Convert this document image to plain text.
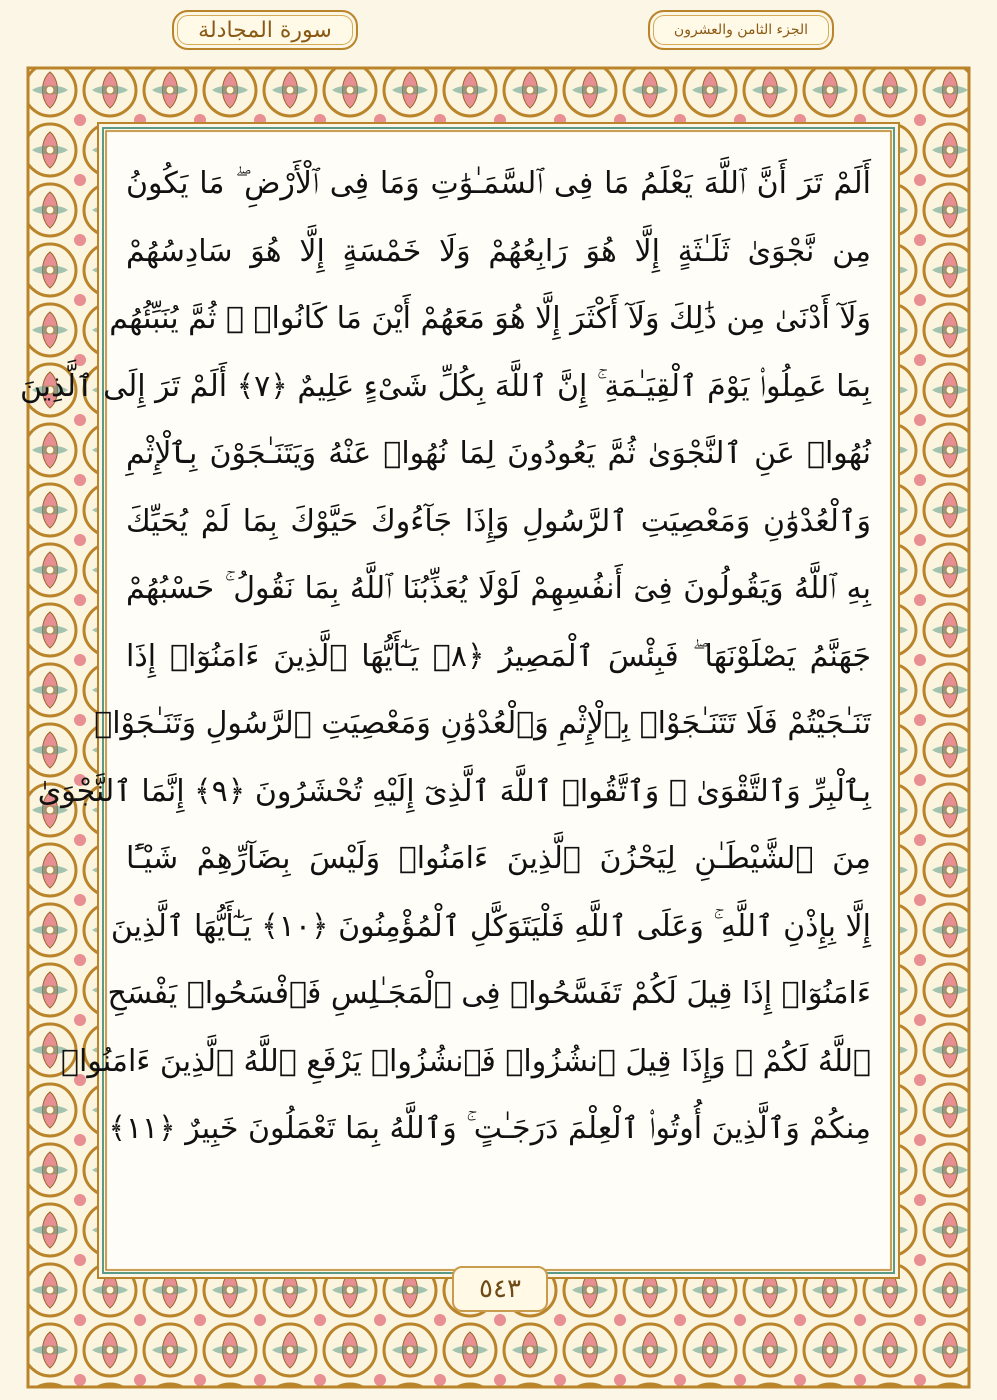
سورة المجادلة	الجزء الثامن والعشرون
أَلَمْ تَرَ أَنَّ ٱللَّهَ يَعْلَمُ مَا فِى ٱلسَّمَـٰوَٰتِ وَمَا فِى ٱلْأَرْضِ ۖ مَا يَكُونُ
مِن نَّجْوَىٰ ثَلَـٰثَةٍ إِلَّا هُوَ رَابِعُهُمْ وَلَا خَمْسَةٍ إِلَّا هُوَ سَادِسُهُمْ
وَلَآ أَدْنَىٰ مِن ذَٰلِكَ وَلَآ أَكْثَرَ إِلَّا هُوَ مَعَهُمْ أَيْنَ مَا كَانُوا۟ ۖ ثُمَّ يُنَبِّئُهُم
بِمَا عَمِلُوا۟ يَوْمَ ٱلْقِيَـٰمَةِ ۚ إِنَّ ٱللَّهَ بِكُلِّ شَىْءٍ عَلِيمٌ ﴿٧﴾ أَلَمْ تَرَ إِلَى ٱلَّذِينَ
نُهُوا۟ عَنِ ٱلنَّجْوَىٰ ثُمَّ يَعُودُونَ لِمَا نُهُوا۟ عَنْهُ وَيَتَنَـٰجَوْنَ بِٱلْإِثْمِ
وَٱلْعُدْوَٰنِ وَمَعْصِيَتِ ٱلرَّسُولِ وَإِذَا جَآءُوكَ حَيَّوْكَ بِمَا لَمْ يُحَيِّكَ
بِهِ ٱللَّهُ وَيَقُولُونَ فِىٓ أَنفُسِهِمْ لَوْلَا يُعَذِّبُنَا ٱللَّهُ بِمَا نَقُولُ ۚ حَسْبُهُمْ
جَهَنَّمُ يَصْلَوْنَهَا ۖ فَبِئْسَ ٱلْمَصِيرُ ﴿٨﴾ يَـٰٓأَيُّهَا ٱلَّذِينَ ءَامَنُوٓا۟ إِذَا
تَنَـٰجَيْتُمْ فَلَا تَتَنَـٰجَوْا۟ بِٱلْإِثْمِ وَٱلْعُدْوَٰنِ وَمَعْصِيَتِ ٱلرَّسُولِ وَتَنَـٰجَوْا۟
بِٱلْبِرِّ وَٱلتَّقْوَىٰ ۖ وَٱتَّقُوا۟ ٱللَّهَ ٱلَّذِىٓ إِلَيْهِ تُحْشَرُونَ ﴿٩﴾ إِنَّمَا ٱلنَّجْوَىٰ
مِنَ ٱلشَّيْطَـٰنِ لِيَحْزُنَ ٱلَّذِينَ ءَامَنُوا۟ وَلَيْسَ بِضَآرِّهِمْ شَيْـًٔا
إِلَّا بِإِذْنِ ٱللَّهِ ۚ وَعَلَى ٱللَّهِ فَلْيَتَوَكَّلِ ٱلْمُؤْمِنُونَ ﴿١٠﴾ يَـٰٓأَيُّهَا ٱلَّذِينَ
ءَامَنُوٓا۟ إِذَا قِيلَ لَكُمْ تَفَسَّحُوا۟ فِى ٱلْمَجَـٰلِسِ فَٱفْسَحُوا۟ يَفْسَحِ
ٱللَّهُ لَكُمْ ۖ وَإِذَا قِيلَ ٱنشُزُوا۟ فَٱنشُزُوا۟ يَرْفَعِ ٱللَّهُ ٱلَّذِينَ ءَامَنُوا۟
مِنكُمْ وَٱلَّذِينَ أُوتُوا۟ ٱلْعِلْمَ دَرَجَـٰتٍ ۚ وَٱللَّهُ بِمَا تَعْمَلُونَ خَبِيرٌ ﴿١١﴾
٥٤٣
